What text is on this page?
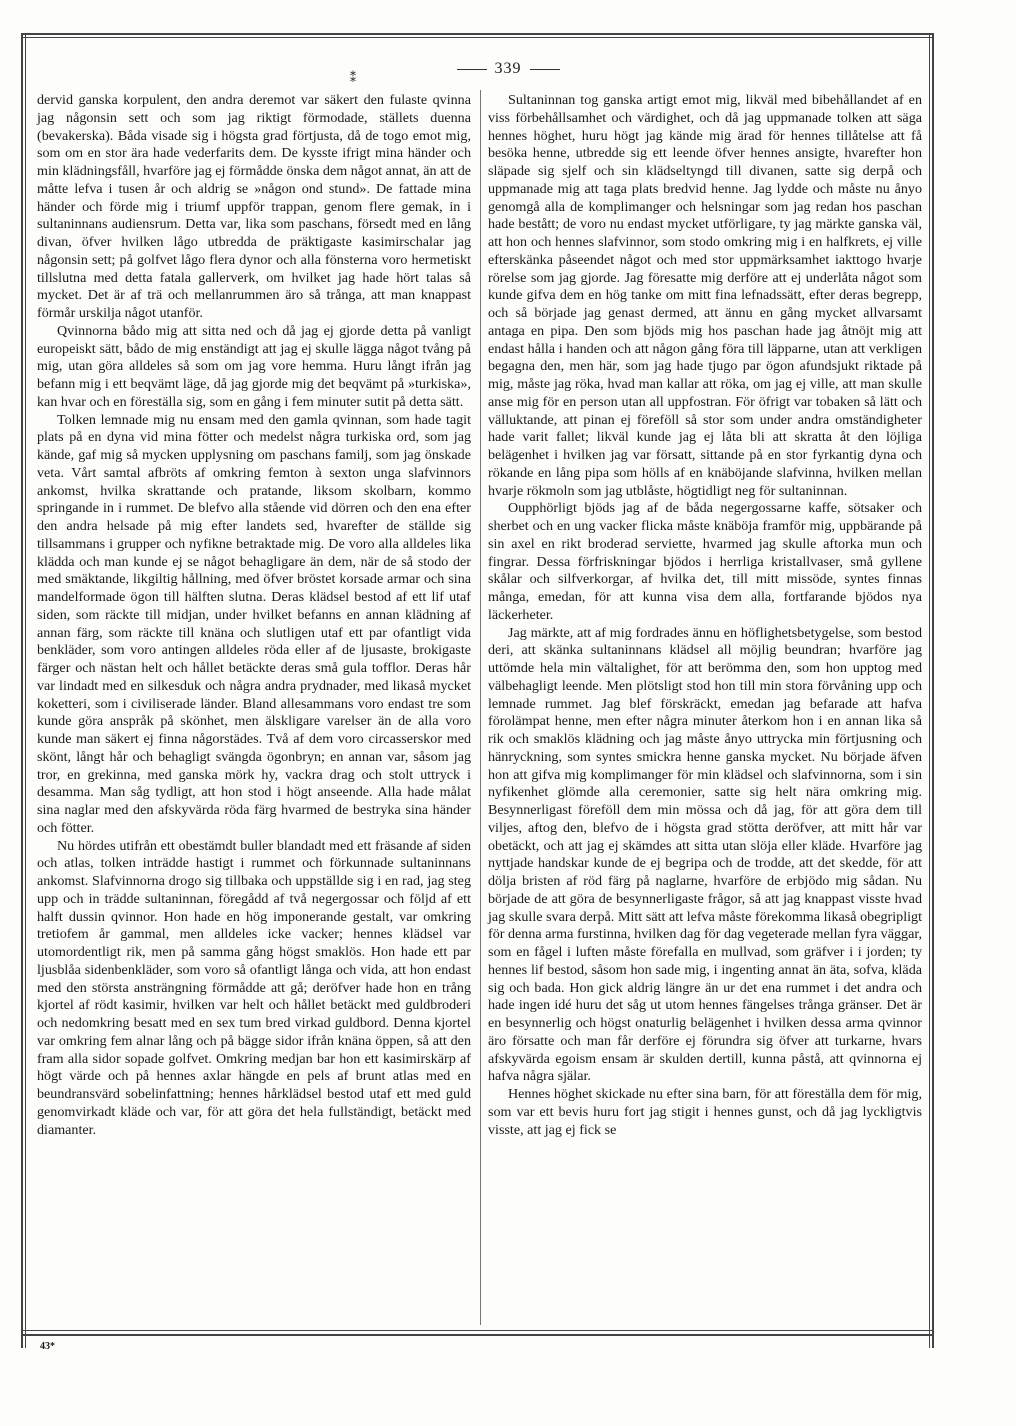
339
⁑

dervid ganska korpulent, den andra deremot var säkert den fulaste qvinna jag någonsin sett och som jag riktigt förmodade, ställets duenna (bevakerska). Båda visade sig i högsta grad förtjusta, då de togo emot mig, som om en stor ära hade vederfarits dem. De kysste ifrigt mina händer och min klädningsfåll, hvarföre jag ej förmådde önska dem något annat, än att de måtte lefva i tusen år och aldrig se »någon ond stund». De fattade mina händer och förde mig i triumf uppför trappan, genom flere gemak, in i sultaninnans audiensrum. Detta var, lika som paschans, försedt med en lång divan, öfver hvilken lågo utbredda de präktigaste kasimirschalar jag någonsin sett; på golfvet lågo flera dynor och alla fönsterna voro hermetiskt tillslutna med detta fatala gallerverk, om hvilket jag hade hört talas så mycket. Det är af trä och mellanrummen äro så trånga, att man knappast förmår urskilja något utanför.

Qvinnorna bådo mig att sitta ned och då jag ej gjorde detta på vanligt europeiskt sätt, bådo de mig enständigt att jag ej skulle lägga något tvång på mig, utan göra alldeles så som om jag vore hemma. Huru långt ifrån jag befann mig i ett beqvämt läge, då jag gjorde mig det beqvämt på »turkiska», kan hvar och en föreställa sig, som en gång i fem minuter sutit på detta sätt.

Tolken lemnade mig nu ensam med den gamla qvinnan, som hade tagit plats på en dyna vid mina fötter och medelst några turkiska ord, som jag kände, gaf mig så mycken upplysning om paschans familj, som jag önskade veta. Vårt samtal afbröts af omkring femton à sexton unga slafvinnors ankomst, hvilka skrattande och pratande, liksom skolbarn, kommo springande in i rummet. De blefvo alla stående vid dörren och den ena efter den andra helsade på mig efter landets sed, hvarefter de ställde sig tillsammans i grupper och nyfikne betraktade mig. De voro alla alldeles lika klädda och man kunde ej se något behagligare än dem, när de så stodo der med smäktande, likgiltig hållning, med öfver bröstet korsade armar och sina mandelformade ögon till hälften slutna. Deras klädsel bestod af ett lif utaf siden, som räckte till midjan, under hvilket befanns en annan klädning af annan färg, som räckte till knäna och slutligen utaf ett par ofantligt vida benkläder, som voro antingen alldeles röda eller af de ljusaste, brokigaste färger och nästan helt och hållet betäckte deras små gula tofflor. Deras hår var lindadt med en silkesduk och några andra prydnader, med likaså mycket koketteri, som i civiliserade länder. Bland allesammans voro endast tre som kunde göra anspråk på skönhet, men älskligare varelser än de alla voro kunde man säkert ej finna någorstädes. Två af dem voro circasserskor med skönt, långt hår och behagligt svängda ögonbryn; en annan var, såsom jag tror, en grekinna, med ganska mörk hy, vackra drag och stolt uttryck i desamma. Man såg tydligt, att hon stod i högt anseende. Alla hade målat sina naglar med den afskyvärda röda färg hvarmed de bestryka sina händer och fötter.

Nu hördes utifrån ett obestämdt buller blandadt med ett fräsande af siden och atlas, tolken inträdde hastigt i rummet och förkunnade sultaninnans ankomst. Slafvinnorna drogo sig tillbaka och uppställde sig i en rad, jag steg upp och in trädde sultaninnan, föregådd af två negergossar och följd af ett halft dussin qvinnor. Hon hade en hög imponerande gestalt, var omkring tretiofem år gammal, men alldeles icke vacker; hennes klädsel var utomordentligt rik, men på samma gång högst smaklös. Hon hade ett par ljusblåa sidenbenkläder, som voro så ofantligt långa och vida, att hon endast med den största ansträngning förmådde att gå; deröfver hade hon en trång kjortel af rödt kasimir, hvilken var helt och hållet betäckt med guldbroderi och nedomkring besatt med en sex tum bred virkad guldbord. Denna kjortel var omkring fem alnar lång och på bägge sidor ifrån knäna öppen, så att den fram alla sidor sopade golfvet. Omkring medjan bar hon ett kasimirskärp af högt värde och på hennes axlar hängde en pels af brunt atlas med en beundransvärd sobelinfattning; hennes hårklädsel bestod utaf ett med guld genomvirkadt kläde och var, för att göra det hela fullständigt, betäckt med diamanter.

Sultaninnan tog ganska artigt emot mig, likväl med bibehållandet af en viss förbehållsamhet och värdighet, och då jag uppmanade tolken att säga hennes höghet, huru högt jag kände mig ärad för hennes tillåtelse att få besöka henne, utbredde sig ett leende öfver hennes ansigte, hvarefter hon släpade sig sjelf och sin klädseltyngd till divanen, satte sig derpå och uppmanade mig att taga plats bredvid henne. Jag lydde och måste nu ånyo genomgå alla de komplimanger och helsningar som jag redan hos paschan hade bestått; de voro nu endast mycket utförligare, ty jag märkte ganska väl, att hon och hennes slafvinnor, som stodo omkring mig i en halfkrets, ej ville efterskänka påseendet något och med stor uppmärksamhet iakttogo hvarje rörelse som jag gjorde. Jag föresatte mig derföre att ej underlåta något som kunde gifva dem en hög tanke om mitt fina lefnadssätt, efter deras begrepp, och så började jag genast dermed, att ännu en gång mycket allvarsamt antaga en pipa. Den som bjöds mig hos paschan hade jag åtnöjt mig att endast hålla i handen och att någon gång föra till läpparne, utan att verkligen begagna den, men här, som jag hade tjugo par ögon afundsjukt riktade på mig, måste jag röka, hvad man kallar att röka, om jag ej ville, att man skulle anse mig för en person utan all uppfostran. För öfrigt var tobaken så lätt och välluktande, att pinan ej föreföll så stor som under andra omständigheter hade varit fallet; likväl kunde jag ej låta bli att skratta åt den löjliga belägenhet i hvilken jag var försatt, sittande på en stor fyrkantig dyna och rökande en lång pipa som hölls af en knäböjande slafvinna, hvilken mellan hvarje rökmoln som jag utblåste, högtidligt neg för sultaninnan.

Oupphörligt bjöds jag af de båda negergossarne kaffe, sötsaker och sherbet och en ung vacker flicka måste knäböja framför mig, uppbärande på sin axel en rikt broderad serviette, hvarmed jag skulle aftorka mun och fingrar. Dessa förfriskningar bjödos i herrliga kristallvaser, små gyllene skålar och silfverkorgar, af hvilka det, till mitt missöde, syntes finnas många, emedan, för att kunna visa dem alla, fortfarande bjödos nya läckerheter.

Jag märkte, att af mig fordrades ännu en höflighetsbetygelse, som bestod deri, att skänka sultaninnans klädsel all möjlig beundran; hvarföre jag uttömde hela min vältalighet, för att berömma den, som hon upptog med välbehagligt leende. Men plötsligt stod hon till min stora förvåning upp och lemnade rummet. Jag blef förskräckt, emedan jag befarade att hafva förolämpat henne, men efter några minuter återkom hon i en annan lika så rik och smaklös klädning och jag måste ånyo uttrycka min förtjusning och hänryckning, som syntes smickra henne ganska mycket. Nu började äfven hon att gifva mig komplimanger för min klädsel och slafvinnorna, som i sin nyfikenhet glömde alla ceremonier, satte sig helt nära omkring mig. Besynnerligast föreföll dem min mössa och då jag, för att göra dem till viljes, aftog den, blefvo de i högsta grad stötta deröfver, att mitt hår var obetäckt, och att jag ej skämdes att sitta utan slöja eller kläde. Hvarföre jag nyttjade handskar kunde de ej begripa och de trodde, att det skedde, för att dölja bristen af röd färg på naglarne, hvarföre de erbjödo mig sådan. Nu började de att göra de besynnerligaste frågor, så att jag knappast visste hvad jag skulle svara derpå. Mitt sätt att lefva måste förekomma likaså obegripligt för denna arma furstinna, hvilken dag för dag vegeterade mellan fyra väggar, som en fågel i luften måste förefalla en mullvad, som gräfver i i jorden; ty hennes lif bestod, såsom hon sade mig, i ingenting annat än äta, sofva, kläda sig och bada. Hon gick aldrig längre än ur det ena rummet i det andra och hade ingen idé huru det såg ut utom hennes fängelses trånga gränser. Det är en besynnerlig och högst onaturlig belägenhet i hvilken dessa arma qvinnor äro försatte och man får derföre ej förundra sig öfver att turkarne, hvars afskyvärda egoism ensam är skulden dertill, kunna påstå, att qvinnorna ej hafva några själar.

Hennes höghet skickade nu efter sina barn, för att föreställa dem för mig, som var ett bevis huru fort jag stigit i hennes gunst, och då jag lyckligtvis visste, att jag ej fick se

43*
